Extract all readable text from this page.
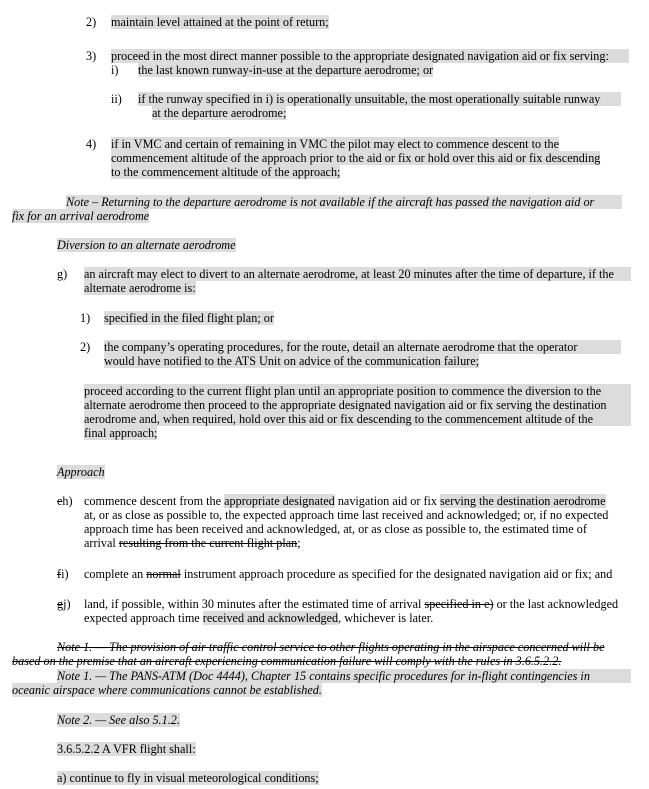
2) maintain level attained at the point of return;
3) proceed in the most direct manner possible to the appropriate designated navigation aid or fix serving:
i) the last known runway-in-use at the departure aerodrome; or
ii) if the runway specified in i) is operationally unsuitable, the most operationally suitable runway
at the departure aerodrome;
4) if in VMC and certain of remaining in VMC the pilot may elect to commence descent to the
commencement altitude of the approach prior to the aid or fix or hold over this aid or fix descending
to the commencement altitude of the approach;
Note – Returning to the departure aerodrome is not available if the aircraft has passed the navigation aid or
fix for an arrival aerodrome
Diversion to an alternate aerodrome
g) an aircraft may elect to divert to an alternate aerodrome, at least 20 minutes after the time of departure, if the
alternate aerodrome is:
1) specified in the filed flight plan; or
2) the company’s operating procedures, for the route, detail an alternate aerodrome that the operator
would have notified to the ATS Unit on advice of the communication failure;
proceed according to the current flight plan until an appropriate position to commence the diversion to the
alternate aerodrome then proceed to the appropriate designated navigation aid or fix serving the destination
aerodrome and, when required, hold over this aid or fix descending to the commencement altitude of the
final approach;
Approach
eh) commence descent from the appropriate designated navigation aid or fix serving the destination aerodrome
at, or as close as possible to, the expected approach time last received and acknowledged; or, if no expected
approach time has been received and acknowledged, at, or as close as possible to, the estimated time of
arrival resulting from the current flight plan;
fi) complete an normal instrument approach procedure as specified for the designated navigation aid or fix; and
gj) land, if possible, within 30 minutes after the estimated time of arrival specified in e) or the last acknowledged
expected approach time received and acknowledged, whichever is later.
Note 1. — The provision of air traffic control service to other flights operating in the airspace concerned will be
based on the premise that an aircraft experiencing communication failure will comply with the rules in 3.6.5.2.2.
Note 1. — The PANS-ATM (Doc 4444), Chapter 15 contains specific procedures for in-flight contingencies in
oceanic airspace where communications cannot be established.
Note 2. — See also 5.1.2.
3.6.5.2.2 A VFR flight shall:
a) continue to fly in visual meteorological conditions;
